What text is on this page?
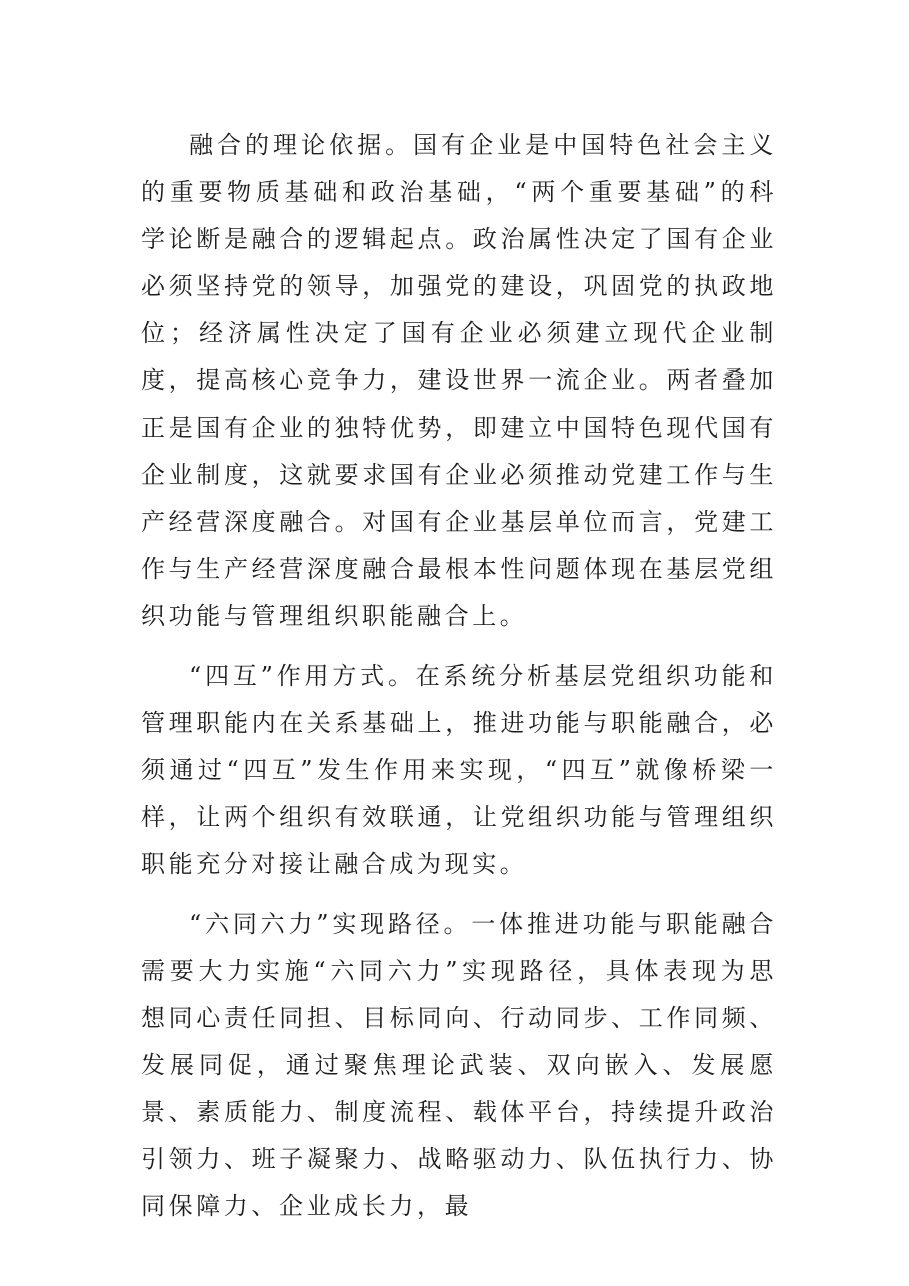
融合的理论依据。国有企业是中国特色社会主义的重要物质基础和政治基础，“两个重要基础”的科学论断是融合的逻辑起点。政治属性决定了国有企业必须坚持党的领导，加强党的建设，巩固党的执政地位；经济属性决定了国有企业必须建立现代企业制度，提高核心竞争力，建设世界一流企业。两者叠加正是国有企业的独特优势，即建立中国特色现代国有企业制度，这就要求国有企业必须推动党建工作与生产经营深度融合。对国有企业基层单位而言，党建工作与生产经营深度融合最根本性问题体现在基层党组织功能与管理组织职能融合上。

“四互”作用方式。在系统分析基层党组织功能和管理职能内在关系基础上，推进功能与职能融合，必须通过“四互”发生作用来实现，“四互”就像桥梁一样，让两个组织有效联通，让党组织功能与管理组织职能充分对接让融合成为现实。

“六同六力”实现路径。一体推进功能与职能融合需要大力实施“六同六力”实现路径，具体表现为思想同心责任同担、目标同向、行动同步、工作同频、发展同促，通过聚焦理论武装、双向嵌入、发展愿景、素质能力、制度流程、载体平台，持续提升政治引领力、班子凝聚力、战略驱动力、队伍执行力、协同保障力、企业成长力，最
